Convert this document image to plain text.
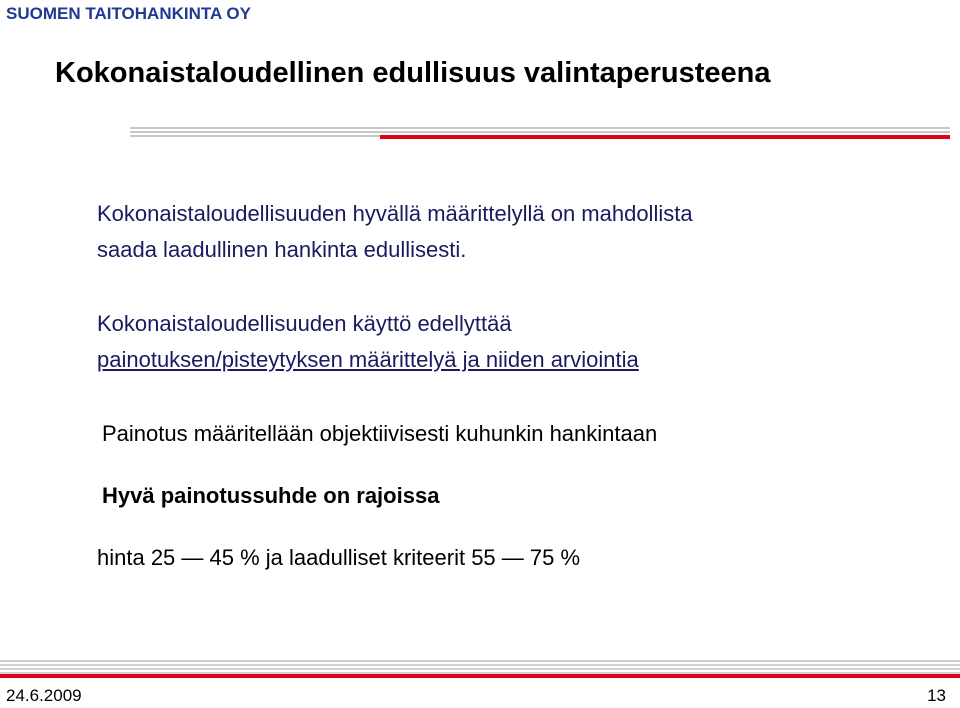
SUOMEN TAITOHANKINTA OY
Kokonaistaloudellinen edullisuus valintaperusteena
Kokonaistaloudellisuuden hyvällä määrittelyllä on mahdollista
saada laadullinen hankinta edullisesti.
Kokonaistaloudellisuuden käyttö edellyttää
painotuksen/pisteytyksen määrittelyä ja niiden arviointia
Painotus määritellään objektiivisesti kuhunkin hankintaan
Hyvä painotussuhde on rajoissa
hinta 25 — 45 % ja laadulliset kriteerit 55 — 75 %
24.6.2009	13
